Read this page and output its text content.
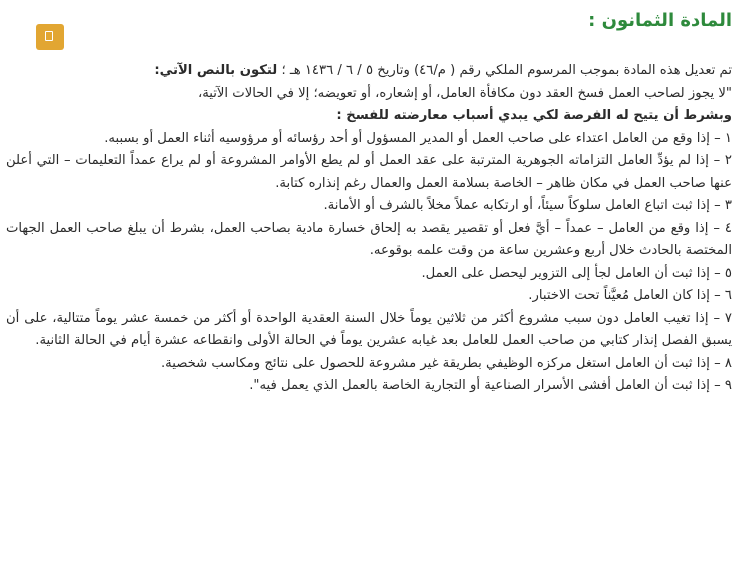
المادة الثمانون :

تم تعديل هذه المادة بموجب المرسوم الملكي رقم ( م/٤٦) وتاريخ ٥ / ٦ / ١٤٣٦ هـ ؛ لتكون بالنص الآتي:

"لا يجوز لصاحب العمل فسخ العقد دون مكافأة العامل، أو إشعاره، أو تعويضه؛ إلا في الحالات الآتية،

وبشرط أن يتيح له الفرصة لكي يبدي أسباب معارضته للفسخ :

١ – إذا وقع من العامل اعتداء على صاحب العمل أو المدير المسؤول أو أحد رؤسائه أو مرؤوسيه أثناء العمل أو بسببه.

٢ – إذا لم يؤدِّ العامل التزاماته الجوهرية المترتبة على عقد العمل أو لم يطع الأوامر المشروعة أو لم يراع عمداً التعليمات – التي أعلن عنها صاحب العمل في مكان ظاهر – الخاصة بسلامة العمل والعمال رغم إنذاره كتابة.

٣ – إذا ثبت اتباع العامل سلوكاً سيئاً، أو ارتكابه عملاً مخلاً بالشرف أو الأمانة.

٤ – إذا وقع من العامل – عمداً – أيَّ فعل أو تقصير يقصد به إلحاق خسارة مادية بصاحب العمل، بشرط أن يبلغ صاحب العمل الجهات المختصة بالحادث خلال أربع وعشرين ساعة من وقت علمه بوقوعه.

٥ – إذا ثبت أن العامل لجأ إلى التزوير ليحصل على العمل.

٦ – إذا كان العامل مُعيَّناً تحت الاختبار.

٧ – إذا تغيب العامل دون سبب مشروع أكثر من ثلاثين يوماً خلال السنة العقدية الواحدة أو أكثر من خمسة عشر يوماً متتالية، على أن يسبق الفصل إنذار كتابي من صاحب العمل للعامل بعد غيابه عشرين يوماً في الحالة الأولى وانقطاعه عشرة أيام في الحالة الثانية.

٨ – إذا ثبت أن العامل استغل مركزه الوظيفي بطريقة غير مشروعة للحصول على نتائج ومكاسب شخصية.

٩ – إذا ثبت أن العامل أفشى الأسرار الصناعية أو التجارية الخاصة بالعمل الذي يعمل فيه".
